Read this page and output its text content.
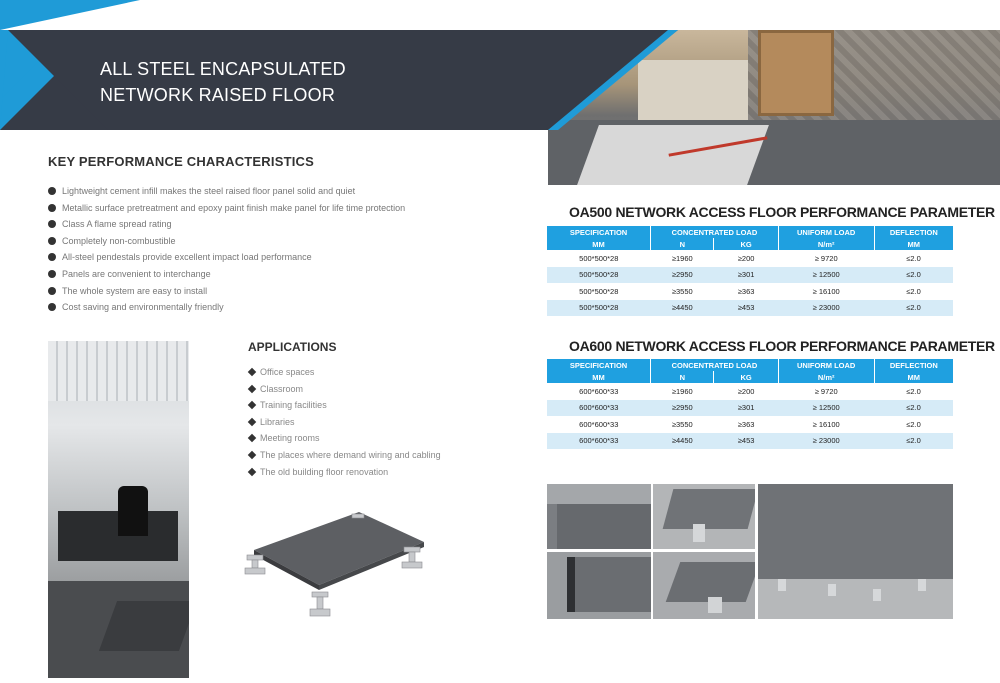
ALL STEEL ENCAPSULATED
NETWORK RAISED FLOOR
KEY PERFORMANCE CHARACTERISTICS
Lightweight cement infill makes the steel raised floor panel solid and quiet
Metallic surface pretreatment and epoxy paint finish make panel for life time protection
Class A flame spread rating
Completely non-combustible
All-steel pendestals provide excellent impact load performance
Panels are convenient to interchange
The whole system are easy to install
Cost saving and environmentally friendly
OA500 NETWORK ACCESS FLOOR PERFORMANCE PARAMETER
SPECIFICATION	CONCENTRATED LOAD		UNIFORM LOAD	DEFLECTION
MM	N	KG	N/m²	MM
500*500*28	≥1960	≥200	≥ 9720	≤2.0
500*500*28	≥2950	≥301	≥ 12500	≤2.0
500*500*28	≥3550	≥363	≥ 16100	≤2.0
500*500*28	≥4450	≥453	≥ 23000	≤2.0
OA600 NETWORK ACCESS FLOOR PERFORMANCE PARAMETER
SPECIFICATION	CONCENTRATED LOAD		UNIFORM LOAD	DEFLECTION
MM	N	KG	N/m²	MM
600*600*33	≥1960	≥200	≥ 9720	≤2.0
600*600*33	≥2950	≥301	≥ 12500	≤2.0
600*600*33	≥3550	≥363	≥ 16100	≤2.0
600*600*33	≥4450	≥453	≥ 23000	≤2.0
APPLICATIONS
Office spaces
Classroom
Training facilities
Libraries
Meeting rooms
The places where demand wiring and cabling
The old building floor renovation
